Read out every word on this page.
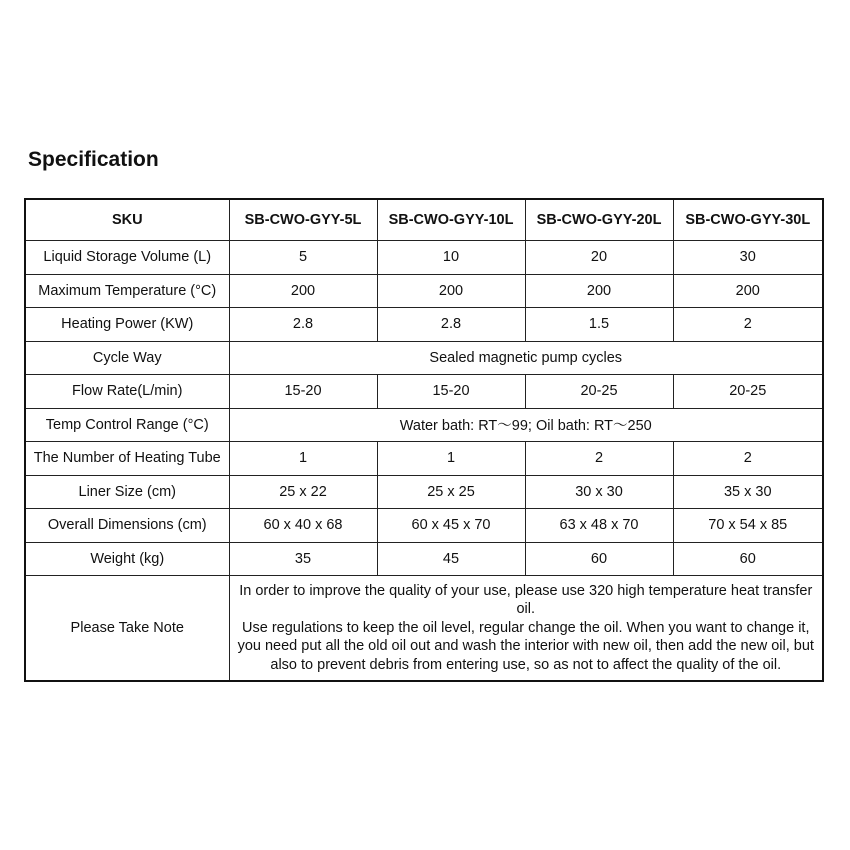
Specification
SKU	SB-CWO-GYY-5L	SB-CWO-GYY-10L	SB-CWO-GYY-20L	SB-CWO-GYY-30L
Liquid Storage Volume (L)	5	10	20	30
Maximum Temperature (°C)	200	200	200	200
Heating Power (KW)	2.8	2.8	1.5	2
Cycle Way	Sealed magnetic pump cycles			
Flow Rate(L/min)	15-20	15-20	20-25	20-25
Temp Control Range (°C)	Water bath: RT～99; Oil bath: RT～250			
The Number of Heating Tube	1	1	2	2
Liner Size (cm)	25 x 22	25 x 25	30 x 30	35 x 30
Overall Dimensions (cm)	60 x 40 x 68	60 x 45 x 70	63 x 48 x 70	70 x 54 x 85
Weight (kg)	35	45	60	60
Please Take Note	In order to improve the quality of your use, please use 320 high temperature heat transfer oil.

Use regulations to keep the oil level, regular change the oil. When you want to change it, you need put all the old oil out and wash the interior with new oil, then add the new oil, but also to prevent debris from entering use, so as not to affect the quality of the oil.			
